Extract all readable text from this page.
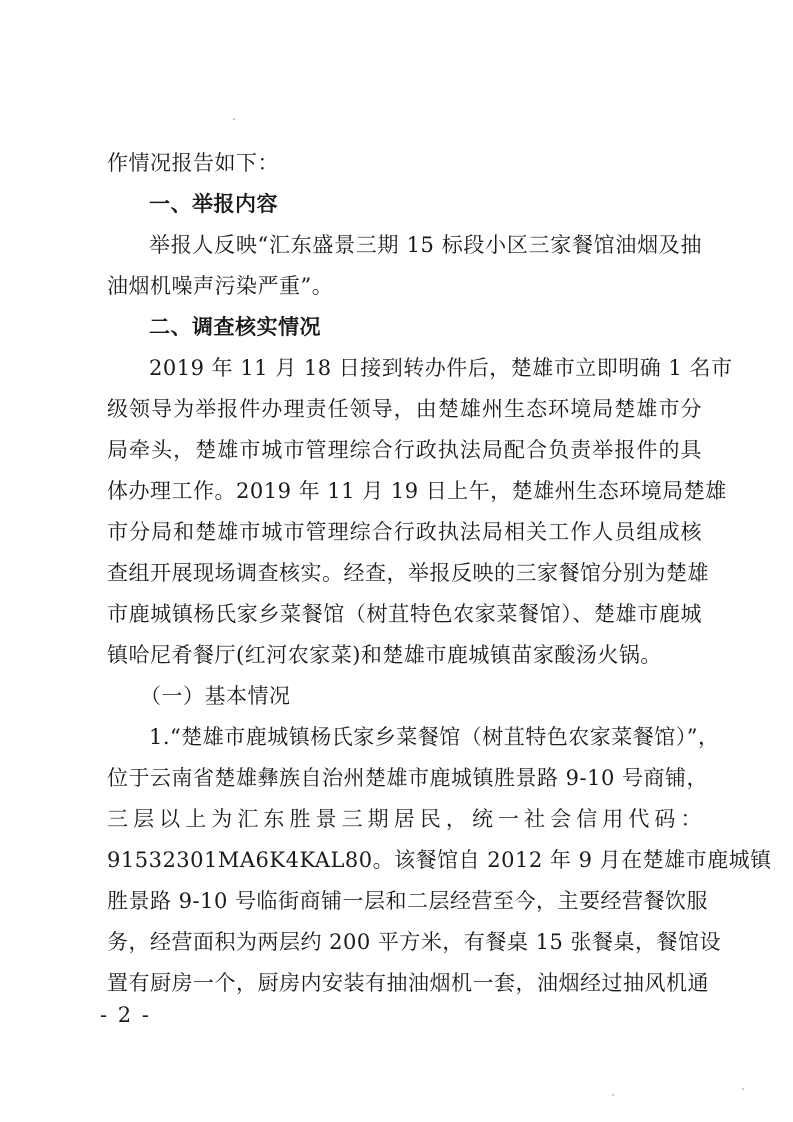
作情况报告如下：
一、举报内容
举报人反映“汇东盛景三期 15 标段小区三家餐馆油烟及抽
油烟机噪声污染严重”。
二、调查核实情况
2019 年 11 月 18 日接到转办件后，楚雄市立即明确 1 名市
级领导为举报件办理责任领导，由楚雄州生态环境局楚雄市分
局牵头，楚雄市城市管理综合行政执法局配合负责举报件的具
体办理工作。2019 年 11 月 19 日上午，楚雄州生态环境局楚雄
市分局和楚雄市城市管理综合行政执法局相关工作人员组成核
查组开展现场调查核实。经查，举报反映的三家餐馆分别为楚雄
市鹿城镇杨氏家乡菜餐馆（树苴特色农家菜餐馆）、楚雄市鹿城
镇哈尼肴餐厅(红河农家菜)和楚雄市鹿城镇苗家酸汤火锅。
（一）基本情况
1.“楚雄市鹿城镇杨氏家乡菜餐馆（树苴特色农家菜餐馆）”，
位于云南省楚雄彝族自治州楚雄市鹿城镇胜景路 9-10 号商铺，
三层以上为汇东胜景三期居民，统一社会信用代码：
91532301MA6K4KAL80。该餐馆自 2012 年 9 月在楚雄市鹿城镇
胜景路 9-10 号临街商铺一层和二层经营至今，主要经营餐饮服
务，经营面积为两层约 200 平方米，有餐桌 15 张餐桌，餐馆设
置有厨房一个，厨房内安装有抽油烟机一套，油烟经过抽风机通
- 2 -
